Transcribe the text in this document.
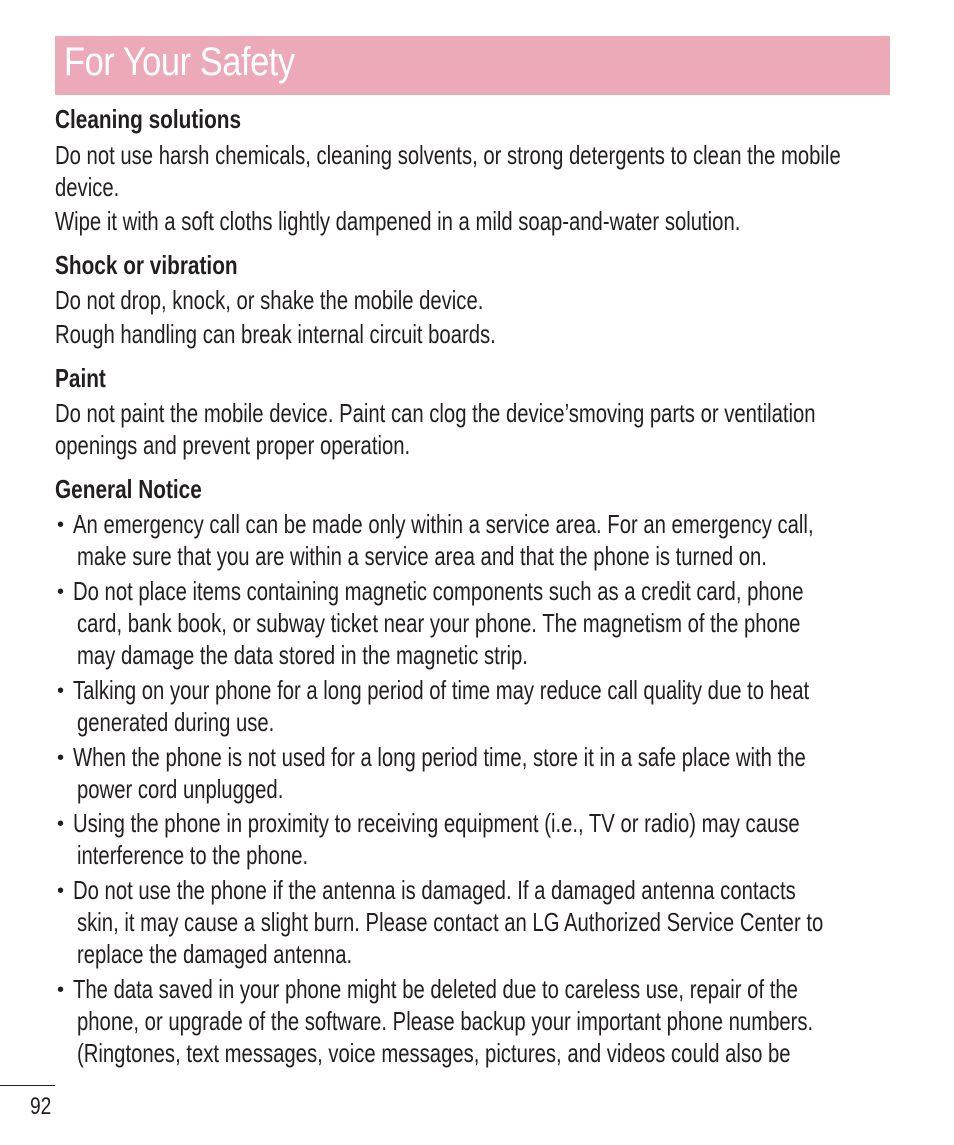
For Your Safety
Cleaning solutions
Do not use harsh chemicals, cleaning solvents, or strong detergents to clean the mobile
device.
Wipe it with a soft cloths lightly dampened in a mild soap-and-water solution.
Shock or vibration
Do not drop, knock, or shake the mobile device.
Rough handling can break internal circuit boards.
Paint
Do not paint the mobile device. Paint can clog the device’smoving parts or ventilation
openings and prevent proper operation.
General Notice
• An emergency call can be made only within a service area. For an emergency call,
make sure that you are within a service area and that the phone is turned on.
• Do not place items containing magnetic components such as a credit card, phone
card, bank book, or subway ticket near your phone. The magnetism of the phone
may damage the data stored in the magnetic strip.
• Talking on your phone for a long period of time may reduce call quality due to heat
generated during use.
• When the phone is not used for a long period time, store it in a safe place with the
power cord unplugged.
• Using the phone in proximity to receiving equipment (i.e., TV or radio) may cause
interference to the phone.
• Do not use the phone if the antenna is damaged. If a damaged antenna contacts
skin, it may cause a slight burn. Please contact an LG Authorized Service Center to
replace the damaged antenna.
• The data saved in your phone might be deleted due to careless use, repair of the
phone, or upgrade of the software. Please backup your important phone numbers.
(Ringtones, text messages, voice messages, pictures, and videos could also be
92
